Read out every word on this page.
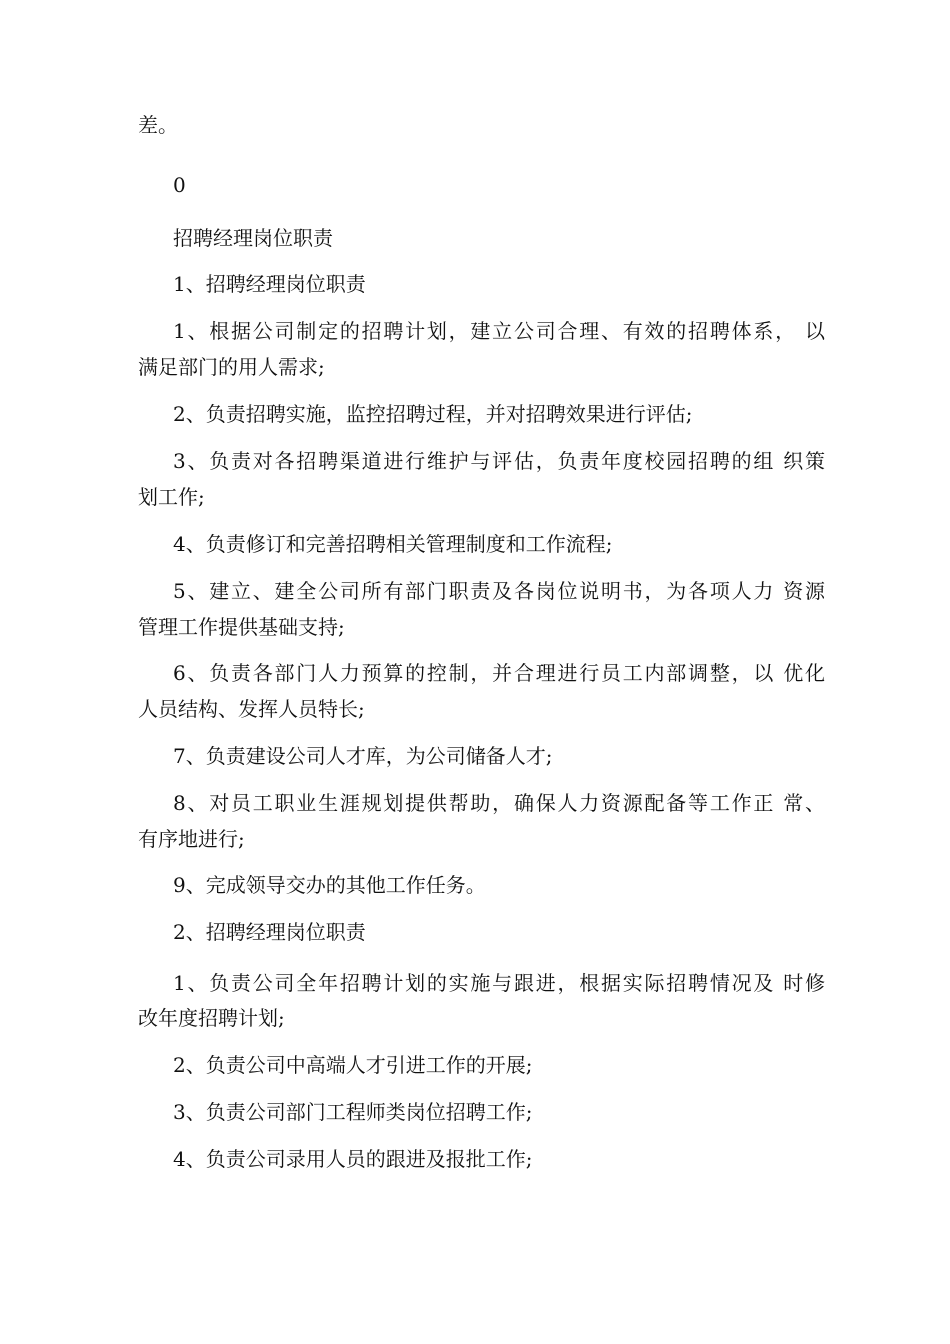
差。

0

招聘经理岗位职责

1、招聘经理岗位职责

1、根据公司制定的招聘计划，建立公司合理、有效的招聘体系， 以

满足部门的用人需求;

2、负责招聘实施，监控招聘过程，并对招聘效果进行评估;

3、负责对各招聘渠道进行维护与评估，负责年度校园招聘的组 织策

划工作;

4、负责修订和完善招聘相关管理制度和工作流程;

5、建立、建全公司所有部门职责及各岗位说明书，为各项人力 资源

管理工作提供基础支持;

6、负责各部门人力预算的控制，并合理进行员工内部调整，以 优化

人员结构、发挥人员特长;

7、负责建设公司人才库，为公司储备人才;

8、对员工职业生涯规划提供帮助，确保人力资源配备等工作正 常、

有序地进行;

9、完成领导交办的其他工作任务。

2、招聘经理岗位职责

1、负责公司全年招聘计划的实施与跟进，根据实际招聘情况及 时修

改年度招聘计划;

2、负责公司中高端人才引进工作的开展;

3、负责公司部门工程师类岗位招聘工作;

4、负责公司录用人员的跟进及报批工作;
